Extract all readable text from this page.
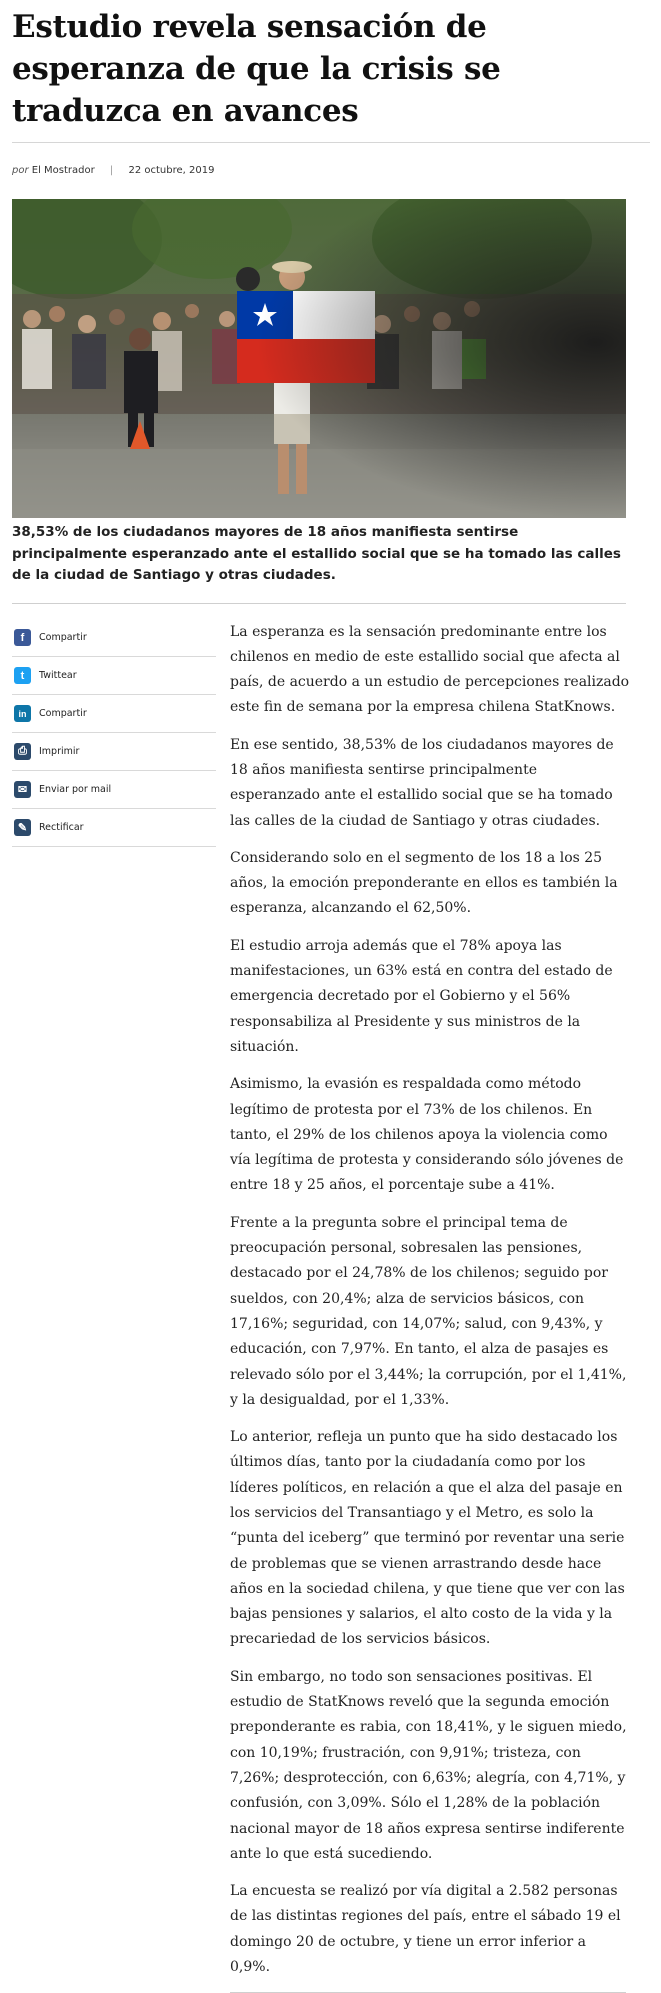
Estudio revela sensación de esperanza de que la crisis se traduzca en avances
por El Mostrador | 22 octubre, 2019
38,53% de los ciudadanos mayores de 18 años manifiesta sentirse principalmente esperanzado ante el estallido social que se ha tomado las calles de la ciudad de Santiago y otras ciudades.
f	Compartir
t	Twittear
in	Compartir
⎙	Imprimir
✉	Enviar por mail
✎	Rectificar

La esperanza es la sensación predominante entre los chilenos en medio de este estallido social que afecta al país, de acuerdo a un estudio de percepciones realizado este fin de semana por la empresa chilena StatKnows.

En ese sentido, 38,53% de los ciudadanos mayores de 18 años manifiesta sentirse principalmente esperanzado ante el estallido social que se ha tomado las calles de la ciudad de Santiago y otras ciudades.

Considerando solo en el segmento de los 18 a los 25 años, la emoción preponderante en ellos es también la esperanza, alcanzando el 62,50%.

El estudio arroja además que el 78% apoya las manifestaciones, un 63% está en contra del estado de emergencia decretado por el Gobierno y el 56% responsabiliza al Presidente y sus ministros de la situación.

Asimismo, la evasión es respaldada como método legítimo de protesta por el 73% de los chilenos. En tanto, el 29% de los chilenos apoya la violencia como vía legítima de protesta y considerando sólo jóvenes de entre 18 y 25 años, el porcentaje sube a 41%.

Frente a la pregunta sobre el principal tema de preocupación personal, sobresalen las pensiones, destacado por el 24,78% de los chilenos; seguido por sueldos, con 20,4%; alza de servicios básicos, con 17,16%; seguridad, con 14,07%; salud, con 9,43%, y educación, con 7,97%. En tanto, el alza de pasajes es relevado sólo por el 3,44%; la corrupción, por el 1,41%, y la desigualdad, por el 1,33%.

Lo anterior, refleja un punto que ha sido destacado los últimos días, tanto por la ciudadanía como por los líderes políticos, en relación a que el alza del pasaje en los servicios del Transantiago y el Metro, es solo la “punta del iceberg” que terminó por reventar una serie de problemas que se vienen arrastrando desde hace años en la sociedad chilena, y que tiene que ver con las bajas pensiones y salarios, el alto costo de la vida y la precariedad de los servicios básicos.

Sin embargo, no todo son sensaciones positivas. El estudio de StatKnows reveló que la segunda emoción preponderante es rabia, con 18,41%, y le siguen miedo, con 10,19%; frustración, con 9,91%; tristeza, con 7,26%; desprotección, con 6,63%; alegría, con 4,71%, y confusión, con 3,09%. Sólo el 1,28% de la población nacional mayor de 18 años expresa sentirse indiferente ante lo que está sucediendo.

La encuesta se realizó por vía digital a 2.582 personas de las distintas regiones del país, entre el sábado 19 el domingo 20 de octubre, y tiene un error inferior a 0,9%.
